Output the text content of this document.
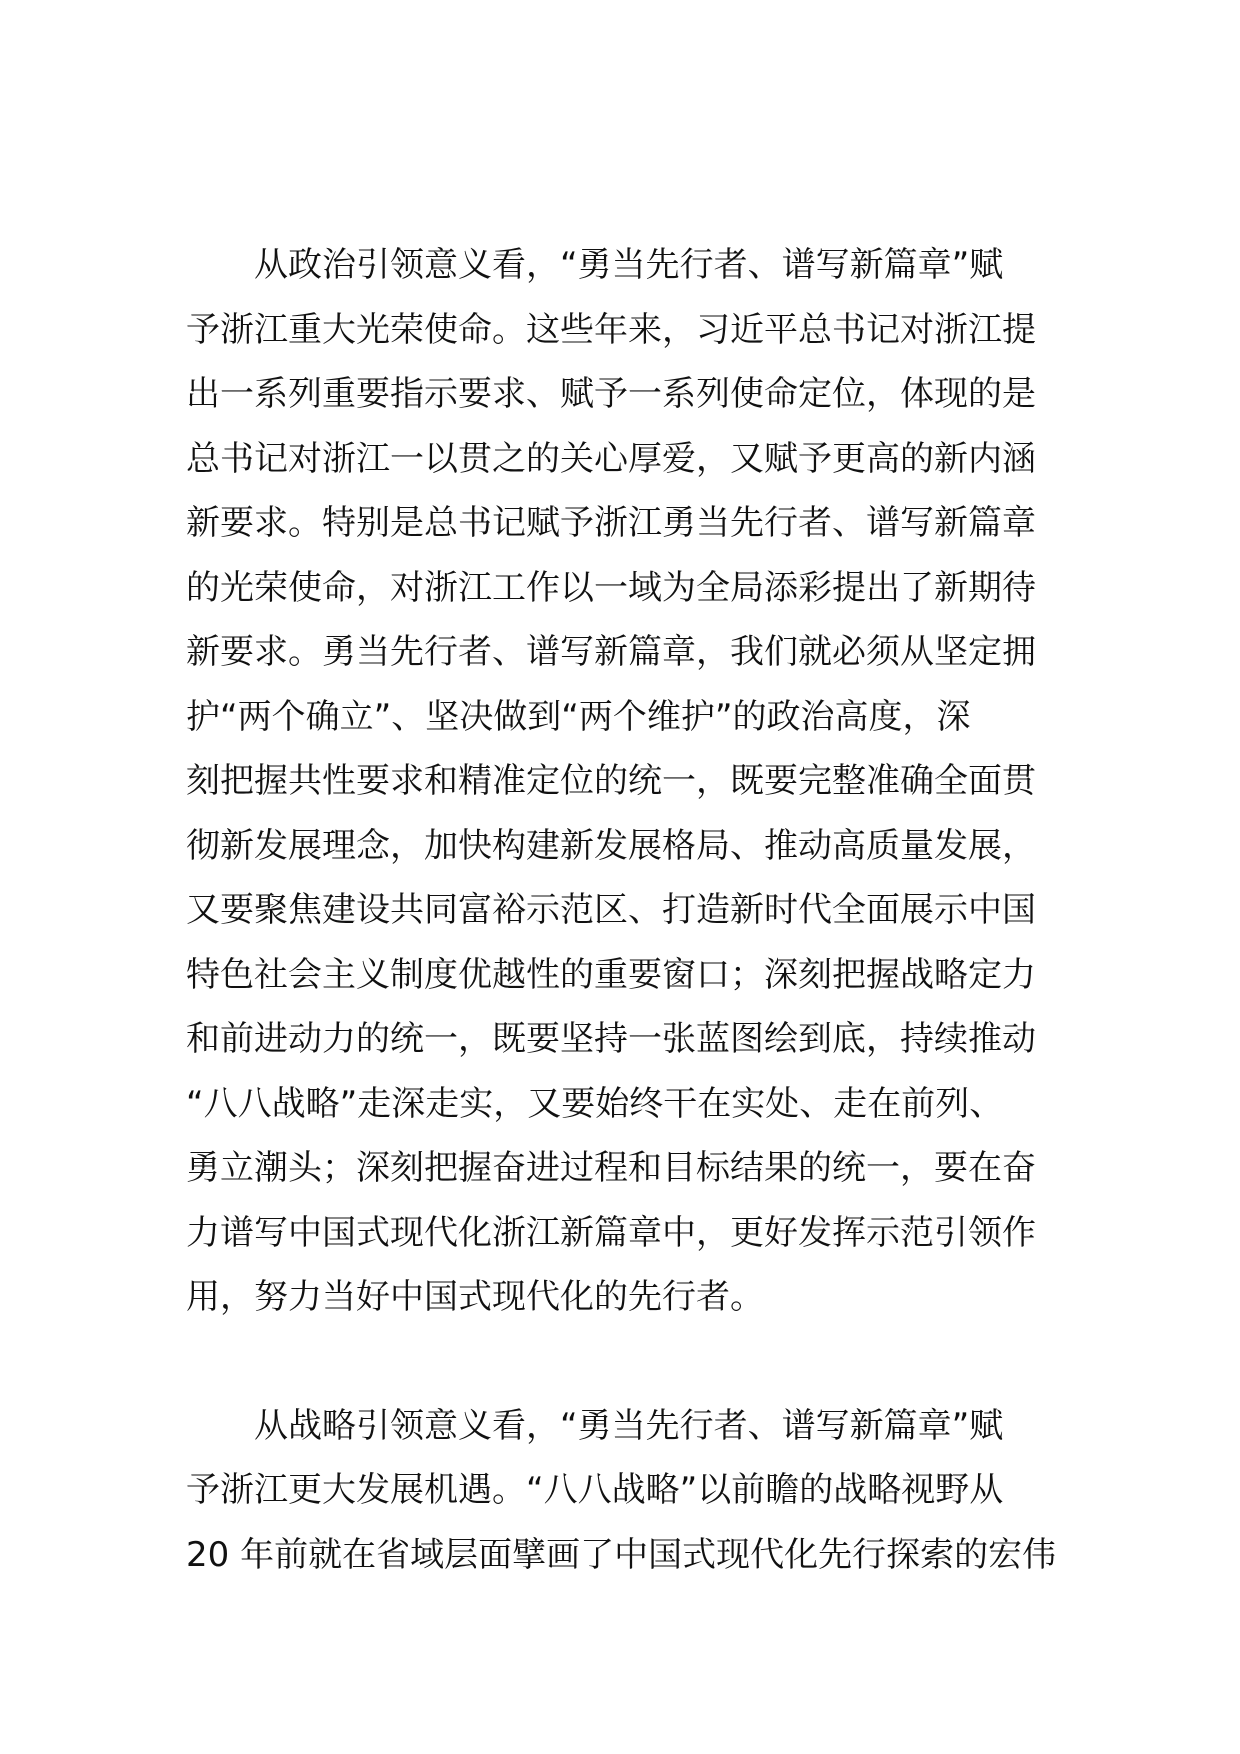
从政治引领意义看，“勇当先行者、谱写新篇章”赋
予浙江重大光荣使命。这些年来，习近平总书记对浙江提
出一系列重要指示要求、赋予一系列使命定位，体现的是
总书记对浙江一以贯之的关心厚爱，又赋予更高的新内涵
新要求。特别是总书记赋予浙江勇当先行者、谱写新篇章
的光荣使命，对浙江工作以一域为全局添彩提出了新期待
新要求。勇当先行者、谱写新篇章，我们就必须从坚定拥
护“两个确立”、坚决做到“两个维护”的政治高度，深
刻把握共性要求和精准定位的统一，既要完整准确全面贯
彻新发展理念，加快构建新发展格局、推动高质量发展，
又要聚焦建设共同富裕示范区、打造新时代全面展示中国
特色社会主义制度优越性的重要窗口；深刻把握战略定力
和前进动力的统一，既要坚持一张蓝图绘到底，持续推动
“八八战略”走深走实，又要始终干在实处、走在前列、
勇立潮头；深刻把握奋进过程和目标结果的统一，要在奋
力谱写中国式现代化浙江新篇章中，更好发挥示范引领作
用，努力当好中国式现代化的先行者。

从战略引领意义看，“勇当先行者、谱写新篇章”赋
予浙江更大发展机遇。“八八战略”以前瞻的战略视野从
20 年前就在省域层面擘画了中国式现代化先行探索的宏伟
